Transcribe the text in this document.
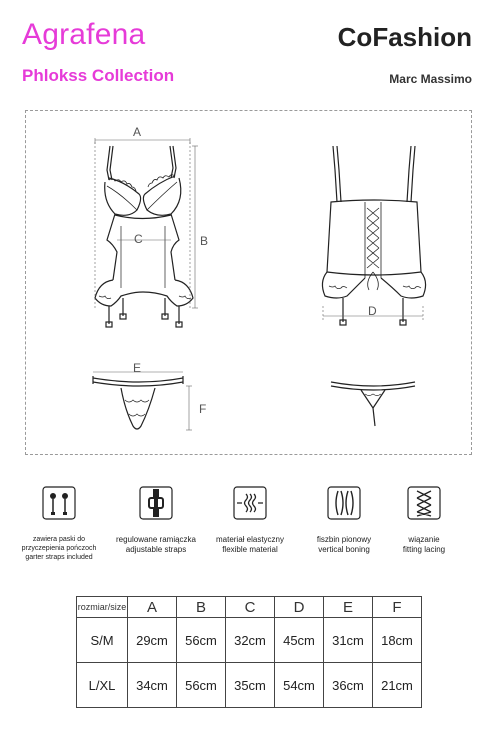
Agrafena	CoFashion
Phlokss Collection	Marc Massimo
A
B
C
D
E
F
zawiera paski do
przyczepienia pończoch
garter straps included
regulowane ramiączka
adjustable straps
materiał elastyczny
flexible material
fiszbin pionowy
vertical boning
wiązanie
fitting lacing
rozmiar/size	A	B	C	D	E	F
S/M	29cm	56cm	32cm	45cm	31cm	18cm
L/XL	34cm	56cm	35cm	54cm	36cm	21cm
